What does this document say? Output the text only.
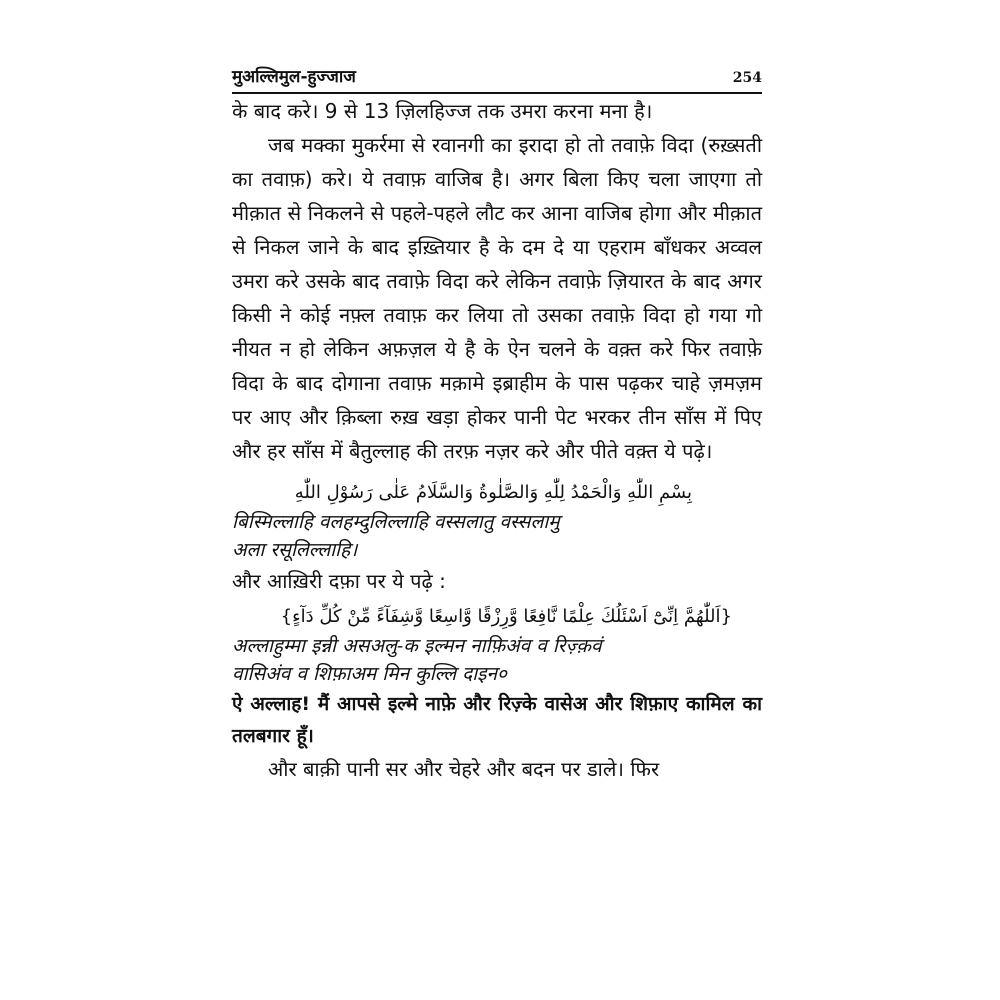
मुअल्लिमुल-हुज्जाज	254

के बाद करे। 9 से 13 ज़िलहिज्ज तक उमरा करना मना है।

जब मक्का मुकर्रमा से रवानगी का इरादा हो तो तवाफ़े विदा (रुख़्सती का तवाफ़) करे। ये तवाफ़ वाजिब है। अगर बिला किए चला जाएगा तो मीक़ात से निकलने से पहले-पहले लौट कर आना वाजिब होगा और मीक़ात से निकल जाने के बाद इख़्तियार है के दम दे या एहराम बाँधकर अव्वल उमरा करे उसके बाद तवाफ़े विदा करे लेकिन तवाफ़े ज़ियारत के बाद अगर किसी ने कोई नफ़्ल तवाफ़ कर लिया तो उसका तवाफ़े विदा हो गया गो नीयत न हो लेकिन अफ़ज़ल ये है के ऐन चलने के वक़्त करे फिर तवाफ़े विदा के बाद दोगाना तवाफ़ मक़ामे इब्राहीम के पास पढ़कर चाहे ज़मज़म पर आए और क़िब्ला रुख़ खड़ा होकर पानी पेट भरकर तीन साँस में पिए और हर साँस में बैतुल्लाह की तरफ़ नज़र करे और पीते वक़्त ये पढ़े।

بِسْمِ اللّٰهِ وَالْحَمْدُ لِلّٰهِ وَالصَّلٰوةُ وَالسَّلَامُ عَلٰى رَسُوْلِ اللّٰهِ

बिस्मिल्लाहि वलहम्दुलिल्लाहि वस्सलातु वस्सलामु

अला रसूलिल्लाहि।

और आख़िरी दफ़ा पर ये पढ़े :

{اَللّٰهُمَّ اِنِّىْٓ اَسْئَلُكَ عِلْمًا نَّافِعًا وَّرِزْقًا وَّاسِعًا وَّشِفَآءً مِّنْ كُلِّ دَآءٍ}

अल्लाहुम्मा इन्नी असअलु-क इल्मन नाफ़िअंव व रिज़्क़वं

वासिअंव व शिफ़ाअम मिन कुल्लि दाइन०

ऐ अल्लाह! मैं आपसे इल्मे नाफ़े और रिज़्के वासेअ और शिफ़ाए कामिल का तलबगार हूँ।

और बाक़ी पानी सर और चेहरे और बदन पर डाले। फिर
